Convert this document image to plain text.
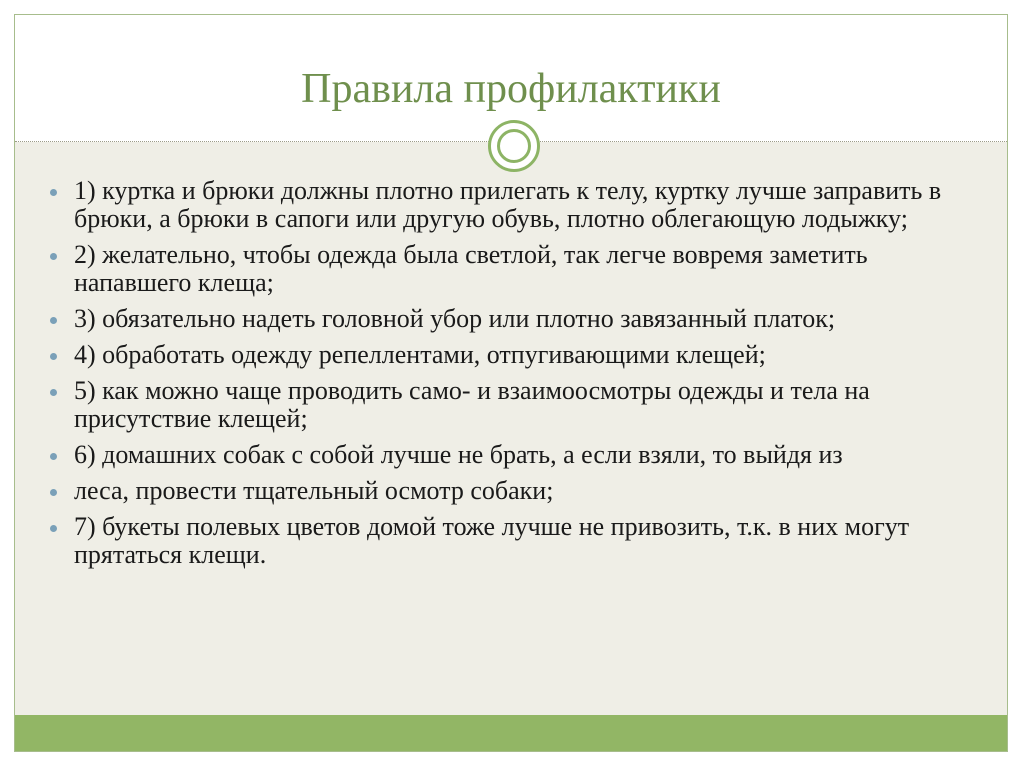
Правила профилактики
1) куртка и брюки должны плотно прилегать к телу, куртку лучше заправить в брюки, а брюки в сапоги или другую обувь, плотно облегающую лодыжку;
2) желательно, чтобы одежда была светлой, так легче вовремя заметить напавшего клеща;
3) обязательно надеть головной убор или плотно завязанный платок;
4) обработать одежду репеллентами, отпугивающими клещей;
5) как можно чаще проводить само- и взаимоосмотры одежды и тела на присутствие клещей;
6) домашних собак с собой лучше не брать, а если взяли, то выйдя из
леса, провести тщательный осмотр собаки;
7) букеты полевых цветов домой тоже лучше не привозить, т.к. в них могут прятаться клещи.
